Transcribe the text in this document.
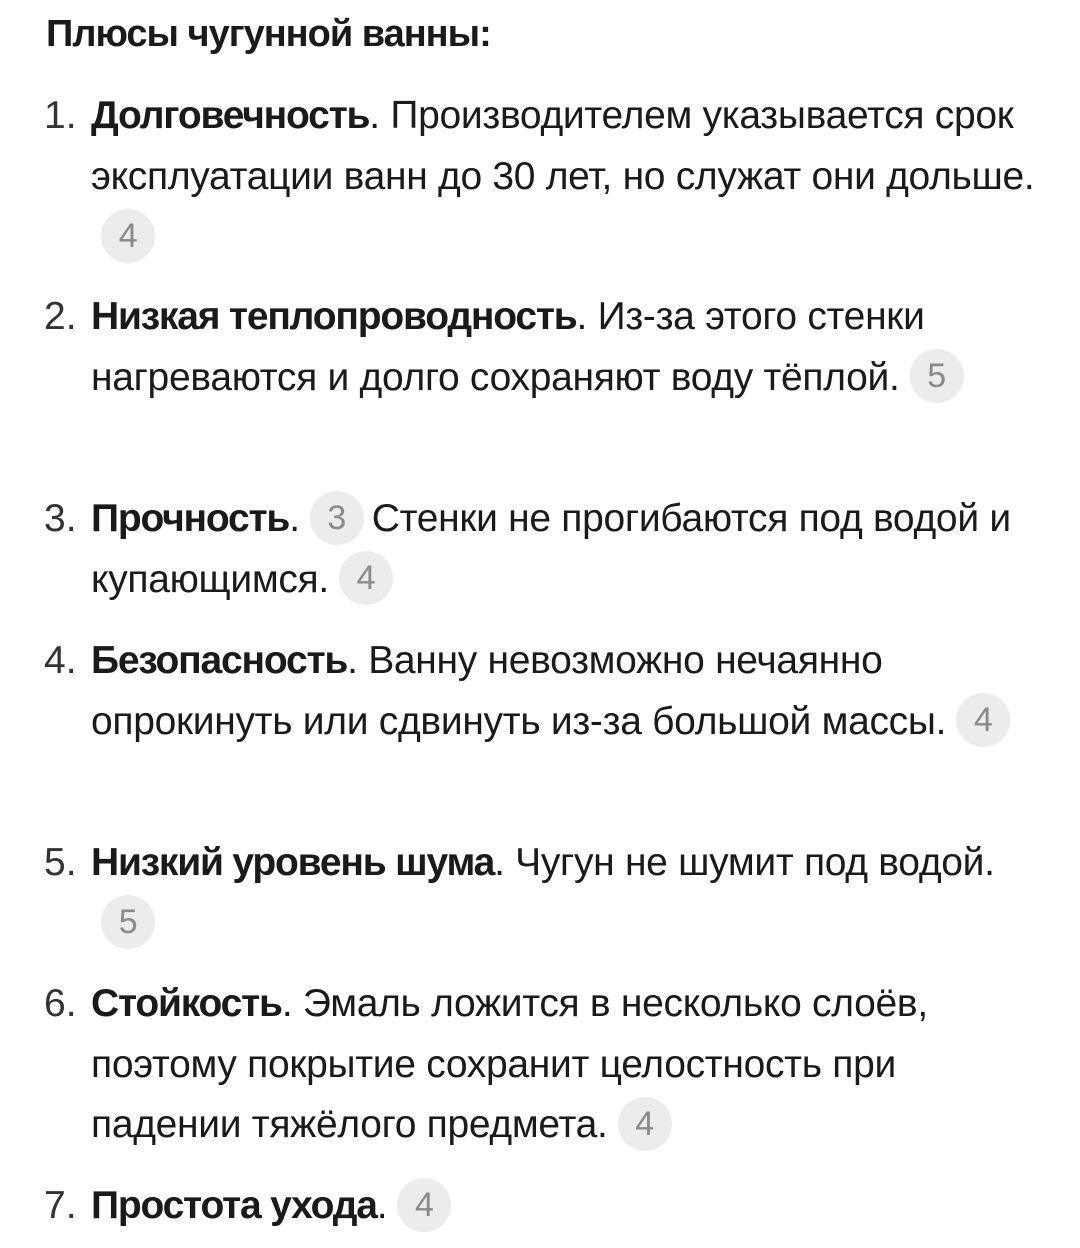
Плюсы чугунной ванны:
1. Долговечность. Производителем указывается срок эксплуатации ванн до 30 лет, но служат они дольше.4
2. Низкая теплопроводность. Из-за этого стенки нагреваются и долго сохраняют воду тёплой. 5
3. Прочность. 3 Стенки не прогибаются под водой и купающимся. 4
4. Безопасность. Ванну невозможно нечаянно опрокинуть или сдвинуть из-за большой массы. 4
5. Низкий уровень шума. Чугун не шумит под водой.5
6. Стойкость. Эмаль ложится в несколько слоёв, поэтому покрытие сохранит целостность при падении тяжёлого предмета. 4
7. Простота ухода. 4
